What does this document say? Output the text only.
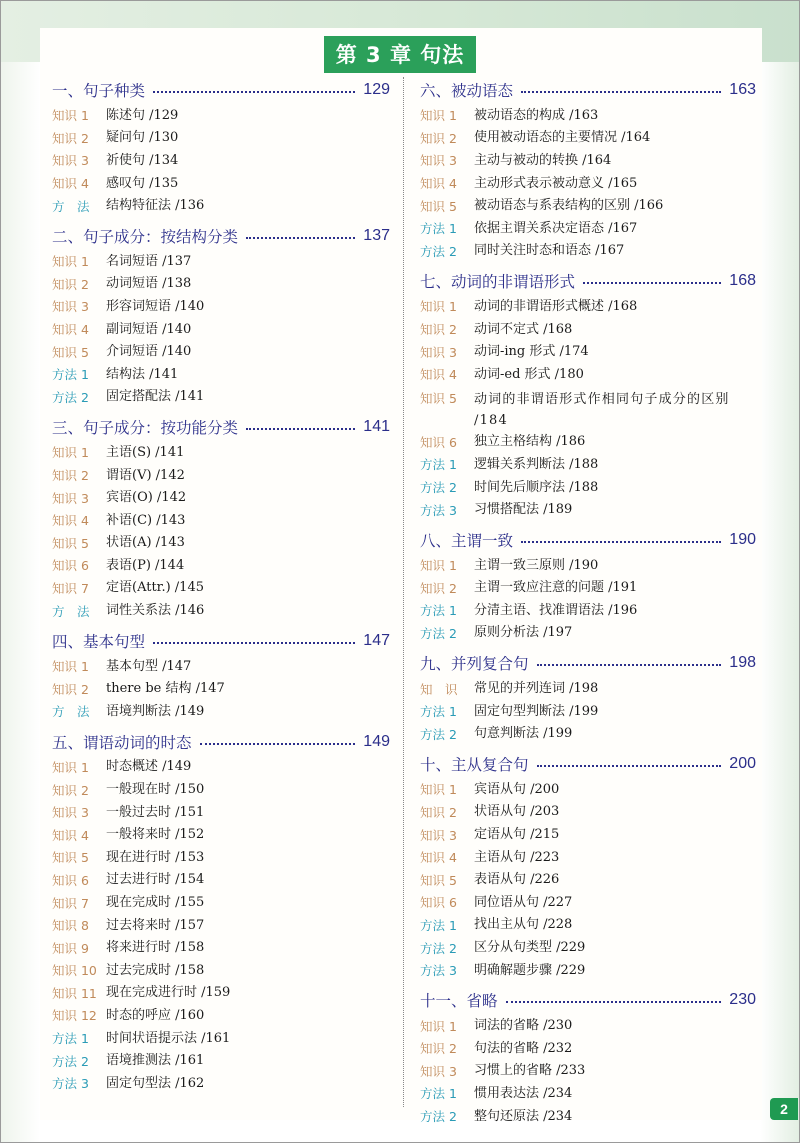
第 3 章 句法
一、句子种类	129
知识 1	陈述句 /129
知识 2	疑问句 /130
知识 3	祈使句 /134
知识 4	感叹句 /135
方　法	结构特征法 /136
二、句子成分：按结构分类	137
知识 1	名词短语 /137
知识 2	动词短语 /138
知识 3	形容词短语 /140
知识 4	副词短语 /140
知识 5	介词短语 /140
方法 1	结构法 /141
方法 2	固定搭配法 /141
三、句子成分：按功能分类	141
知识 1	主语(S) /141
知识 2	谓语(V) /142
知识 3	宾语(O) /142
知识 4	补语(C) /143
知识 5	状语(A) /143
知识 6	表语(P) /144
知识 7	定语(Attr.) /145
方　法	词性关系法 /146
四、基本句型	147
知识 1	基本句型 /147
知识 2	there be 结构 /147
方　法	语境判断法 /149
五、谓语动词的时态	149
知识 1	时态概述 /149
知识 2	一般现在时 /150
知识 3	一般过去时 /151
知识 4	一般将来时 /152
知识 5	现在进行时 /153
知识 6	过去进行时 /154
知识 7	现在完成时 /155
知识 8	过去将来时 /157
知识 9	将来进行时 /158
知识 10 过去完成时 /158
知识 11 现在完成进行时 /159
知识 12 时态的呼应 /160
方法 1	时间状语提示法 /161
方法 2	语境推测法 /161
方法 3	固定句型法 /162
六、被动语态	163
知识 1	被动语态的构成 /163
知识 2	使用被动语态的主要情况 /164
知识 3	主动与被动的转换 /164
知识 4	主动形式表示被动意义 /165
知识 5	被动语态与系表结构的区别 /166
方法 1	依据主谓关系决定语态 /167
方法 2	同时关注时态和语态 /167
七、动词的非谓语形式	168
知识 1	动词的非谓语形式概述 /168
知识 2	动词不定式 /168
知识 3	动词-ing 形式 /174
知识 4	动词-ed 形式 /180
知识 5	动词的非谓语形式作相同句子成分的区别 /184
知识 6	独立主格结构 /186
方法 1	逻辑关系判断法 /188
方法 2	时间先后顺序法 /188
方法 3	习惯搭配法 /189
八、主谓一致	190
知识 1	主谓一致三原则 /190
知识 2	主谓一致应注意的问题 /191
方法 1	分清主语、找准谓语法 /196
方法 2	原则分析法 /197
九、并列复合句	198
知　识	常见的并列连词 /198
方法 1	固定句型判断法 /199
方法 2	句意判断法 /199
十、主从复合句	200
知识 1	宾语从句 /200
知识 2	状语从句 /203
知识 3	定语从句 /215
知识 4	主语从句 /223
知识 5	表语从句 /226
知识 6	同位语从句 /227
方法 1	找出主从句 /228
方法 2	区分从句类型 /229
方法 3	明确解题步骤 /229
十一、省略	230
知识 1	词法的省略 /230
知识 2	句法的省略 /232
知识 3	习惯上的省略 /233
方法 1	惯用表达法 /234
方法 2	整句还原法 /234	2
